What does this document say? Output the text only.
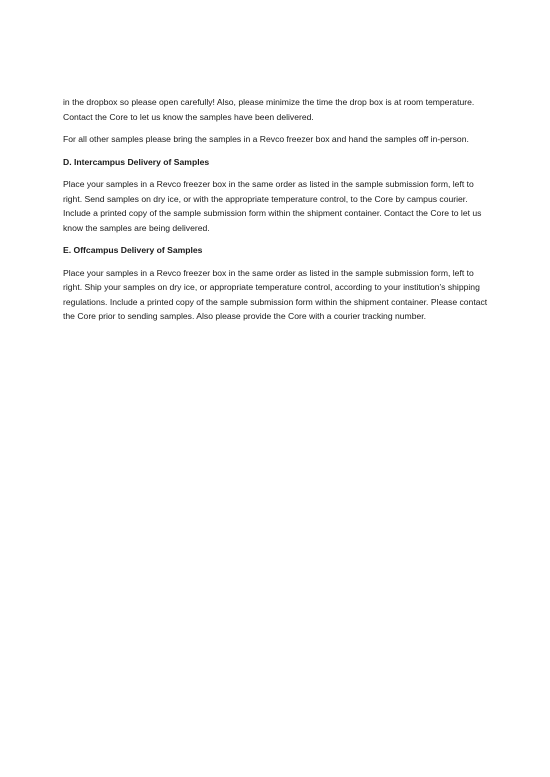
in the dropbox so please open carefully! Also, please minimize the time the drop box is at room temperature. Contact the Core to let us know the samples have been delivered.

For all other samples please bring the samples in a Revco freezer box and hand the samples off in-person.

D. Intercampus Delivery of Samples

Place your samples in a Revco freezer box in the same order as listed in the sample submission form, left to right. Send samples on dry ice, or with the appropriate temperature control, to the Core by campus courier. Include a printed copy of the sample submission form within the shipment container. Contact the Core to let us know the samples are being delivered.

E. Offcampus Delivery of Samples

Place your samples in a Revco freezer box in the same order as listed in the sample submission form, left to right. Ship your samples on dry ice, or appropriate temperature control, according to your institution’s shipping regulations. Include a printed copy of the sample submission form within the shipment container. Please contact the Core prior to sending samples. Also please provide the Core with a courier tracking number.
